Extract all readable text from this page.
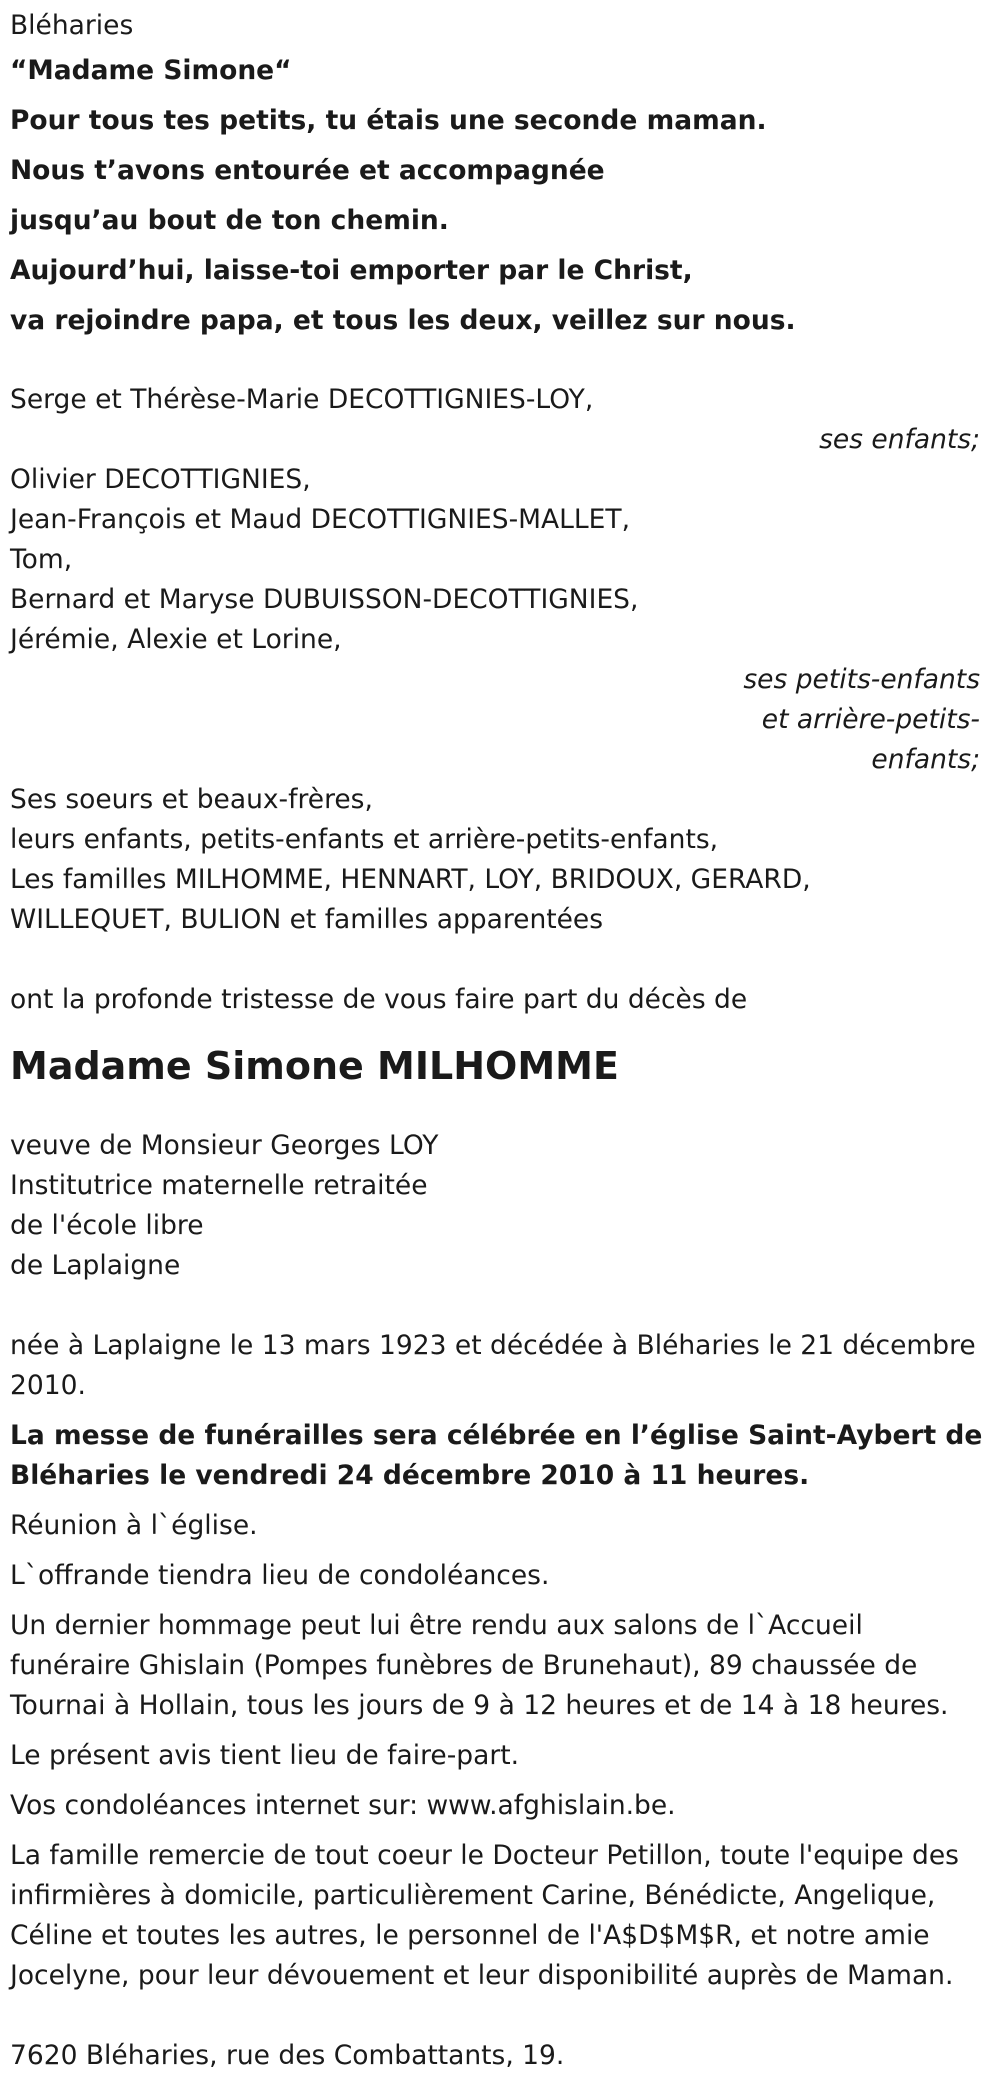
Bléharies
“Madame Simone“
Pour tous tes petits, tu étais une seconde maman.
Nous t’avons entourée et accompagnée
jusqu’au bout de ton chemin.
Aujourd’hui, laisse-toi emporter par le Christ,
va rejoindre papa, et tous les deux, veillez sur nous.
Serge et Thérèse-Marie DECOTTIGNIES-LOY,
ses enfants;
Olivier DECOTTIGNIES,
Jean-François et Maud DECOTTIGNIES-MALLET,
Tom,
Bernard et Maryse DUBUISSON-DECOTTIGNIES,
Jérémie, Alexie et Lorine,
ses petits-enfants
et arrière-petits-
enfants;
Ses soeurs et beaux-frères,
leurs enfants, petits-enfants et arrière-petits-enfants,
Les familles MILHOMME, HENNART, LOY, BRIDOUX, GERARD,
WILLEQUET, BULION et familles apparentées
ont la profonde tristesse de vous faire part du décès de
Madame Simone MILHOMME
veuve de Monsieur Georges LOY
Institutrice maternelle retraitée
de l'école libre
de Laplaigne
née à Laplaigne le 13 mars 1923 et décédée à Bléharies le 21 décembre
2010.
La messe de funérailles sera célébrée en l’église Saint-Aybert de
Bléharies le vendredi 24 décembre 2010 à 11 heures.
Réunion à l`église.
L`offrande tiendra lieu de condoléances.
Un dernier hommage peut lui être rendu aux salons de l`Accueil
funéraire Ghislain (Pompes funèbres de Brunehaut), 89 chaussée de
Tournai à Hollain, tous les jours de 9 à 12 heures et de 14 à 18 heures.
Le présent avis tient lieu de faire-part.
Vos condoléances internet sur: www.afghislain.be.
La famille remercie de tout coeur le Docteur Petillon, toute l'equipe des
infirmières à domicile, particulièrement Carine, Bénédicte, Angelique,
Céline et toutes les autres, le personnel de l'A$D$M$R, et notre amie
Jocelyne, pour leur dévouement et leur disponibilité auprès de Maman.
7620 Bléharies, rue des Combattants, 19.
